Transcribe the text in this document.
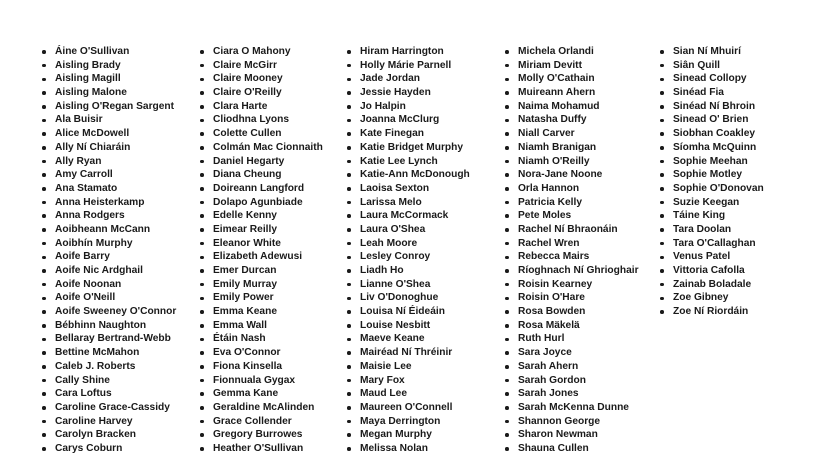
Áine O'Sullivan
Aisling Brady
Aisling Magill
Aisling Malone
Aisling O'Regan Sargent
Ala Buisir
Alice McDowell
Ally Ní Chiaráin
Ally Ryan
Amy Carroll
Ana Stamato
Anna Heisterkamp
Anna Rodgers
Aoibheann McCann
Aoibhín Murphy
Aoife Barry
Aoife Nic Ardghail
Aoife Noonan
Aoife O'Neill
Aoife Sweeney O'Connor
Bébhinn Naughton
Bellaray Bertrand-Webb
Bettine McMahon
Caleb J. Roberts
Cally Shine
Cara Loftus
Caroline Grace-Cassidy
Caroline Harvey
Carolyn Bracken
Carys Coburn
Ciara O Mahony
Claire McGirr
Claire Mooney
Claire O'Reilly
Clara Harte
Cliodhna Lyons
Colette Cullen
Colmán Mac Cionnaith
Daniel Hegarty
Diana Cheung
Doireann Langford
Dolapo Agunbiade
Edelle Kenny
Eimear Reilly
Eleanor White
Elizabeth Adewusi
Emer Durcan
Emily Murray
Emily Power
Emma Keane
Emma Wall
Étáin Nash
Eva O'Connor
Fiona Kinsella
Fionnuala Gygax
Gemma Kane
Geraldine McAlinden
Grace Collender
Gregory Burrowes
Heather O'Sullivan
Hiram Harrington
Holly Márie Parnell
Jade Jordan
Jessie Hayden
Jo Halpin
Joanna McClurg
Kate Finegan
Katie Bridget Murphy
Katie Lee Lynch
Katie-Ann McDonough
Laoisa Sexton
Larissa Melo
Laura McCormack
Laura O'Shea
Leah Moore
Lesley Conroy
Liadh Ho
Lianne O'Shea
Liv O'Donoghue
Louisa Ní Éideáin
Louise Nesbitt
Maeve Keane
Mairéad Ní Thréinir
Maisie Lee
Mary Fox
Maud Lee
Maureen O'Connell
Maya Derrington
Megan Murphy
Melissa Nolan
Michela Orlandi
Miriam Devitt
Molly O'Cathain
Muireann Ahern
Naima Mohamud
Natasha Duffy
Niall Carver
Niamh Branigan
Niamh O'Reilly
Nora-Jane Noone
Orla Hannon
Patricia Kelly
Pete Moles
Rachel Ní Bhraonáin
Rachel Wren
Rebecca Mairs
Ríoghnach Ní Ghrioghair
Roisin Kearney
Roisin O'Hare
Rosa Bowden
Rosa Mäkelä
Ruth Hurl
Sara Joyce
Sarah Ahern
Sarah Gordon
Sarah Jones
Sarah McKenna Dunne
Shannon George
Sharon Newman
Shauna Cullen
Sian Ní Mhuirí
Siân Quill
Sinead Collopy
Sinéad Fia
Sinéad Ní Bhroin
Sinead O' Brien
Siobhan Coakley
Síomha McQuinn
Sophie Meehan
Sophie Motley
Sophie O'Donovan
Suzie Keegan
Táine King
Tara Doolan
Tara O'Callaghan
Venus Patel
Vittoria Cafolla
Zainab Boladale
Zoe Gibney
Zoe Ní Riordáin
